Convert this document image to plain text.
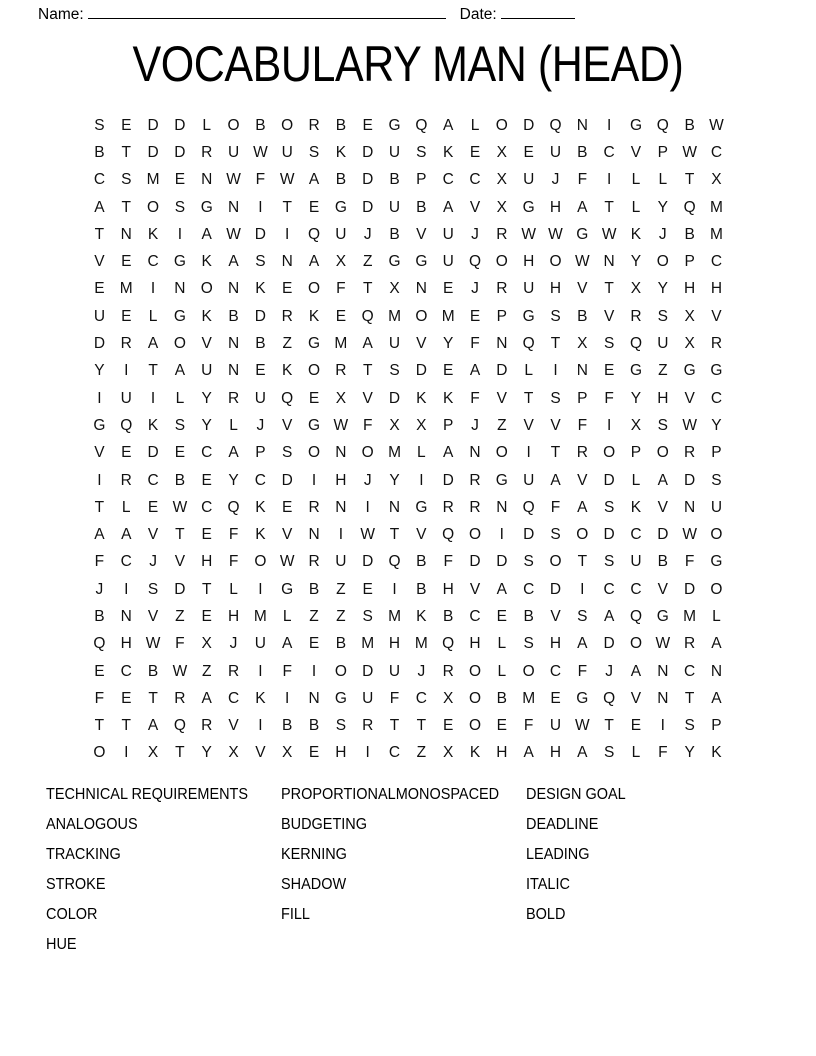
Name:	Date:
VOCABULARY MAN (HEAD)
S	E	D	D	L	O	B	O R	B	E	G Q	A	L	O D Q N	I	G Q	B W
B	T	D	D	R	U W U	S	K	D	U	S	K	E	X	E	U	B	C	V	P W C
C	S M E	N W F W A	B	D	B	P	C	C	X	U	J	F	I	L	L	T	X
A	T	O	S	G N	I	T	E	G D	U	B	A	V	X	G H	A	T	L	Y	Q M
T	N	K	I	A W D	I	Q U	J	B	V	U	J	R W W G W K	J	B M
V	E	C G	K	A	S	N	A	X	Z	G G U Q O H O W N	Y	O	P	C
E M	I	N O N	K	E	O	F	T	X	N	E	J	R	U	H	V	T	X	Y	H	H
U	E	L	G	K	B	D	R	K	E	Q M O M E	P	G	S	B	V	R	S	X	V
D	R	A	O	V	N	B	Z	G M A	U	V	Y	F	N Q	T	X	S	Q U	X	R
Y	I	T	A	U	N	E	K	O R	T	S	D	E	A	D	L	I	N	E	G	Z	G G
I	U	I	L	Y	R	U Q	E	X	V	D	K	K	F	V	T	S	P	F	Y	H	V	C
G Q	K	S	Y	L	J	V	G W F	X	X	P	J	Z	V	V	F	I	X	S W Y
V	E	D	E	C	A	P	S	O N O M	L	A	N O	I	T	R O	P	O R	P
I	R	C	B	E	Y	C	D	I	H	J	Y	I	D	R G U	A	V	D	L	A	D	S
T	L	E W C Q	K	E	R	N	I	N G R	R	N Q	F	A	S	K	V	N	U
A	A	V	T	E	F	K	V	N	I	W T	V	Q O	I	D	S	O D	C	D W O
F	C	J	V	H	F	O W R	U	D Q	B	F	D	D	S	O	T	S	U	B	F	G
J	I	S	D	T	L	I	G	B	Z	E	I	B	H	V	A	C	D	I	C	C	V	D O
B	N	V	Z	E	H M	L	Z	Z	S M K	B	C	E	B	V	S	A	Q G M	L
Q H W F	X	J	U	A	E	B M H M Q H	L	S	H	A	D O W R	A
E	C	B W Z	R	I	F	I	O D	U	J	R O	L	O C	F	J	A	N	C	N
F	E	T	R	A	C	K	I	N G U	F	C	X	O	B M E	G Q	V	N	T	A
T	T	A	Q R	V	I	B	B	S	R	T	T	E	O	E	F	U W T	E	I	S	P
O	I	X	T	Y	X	V	X	E	H	I	C	Z	X	K	H	A	H	A	S	L	F	Y	K
TECHNICAL REQUIREMENTS
ANALOGOUS
TRACKING
STROKE
COLOR
HUE
PROPORTIONALMONOSPACED
BUDGETING
KERNING
SHADOW
FILL
DESIGN GOAL
DEADLINE
LEADING
ITALIC
BOLD
